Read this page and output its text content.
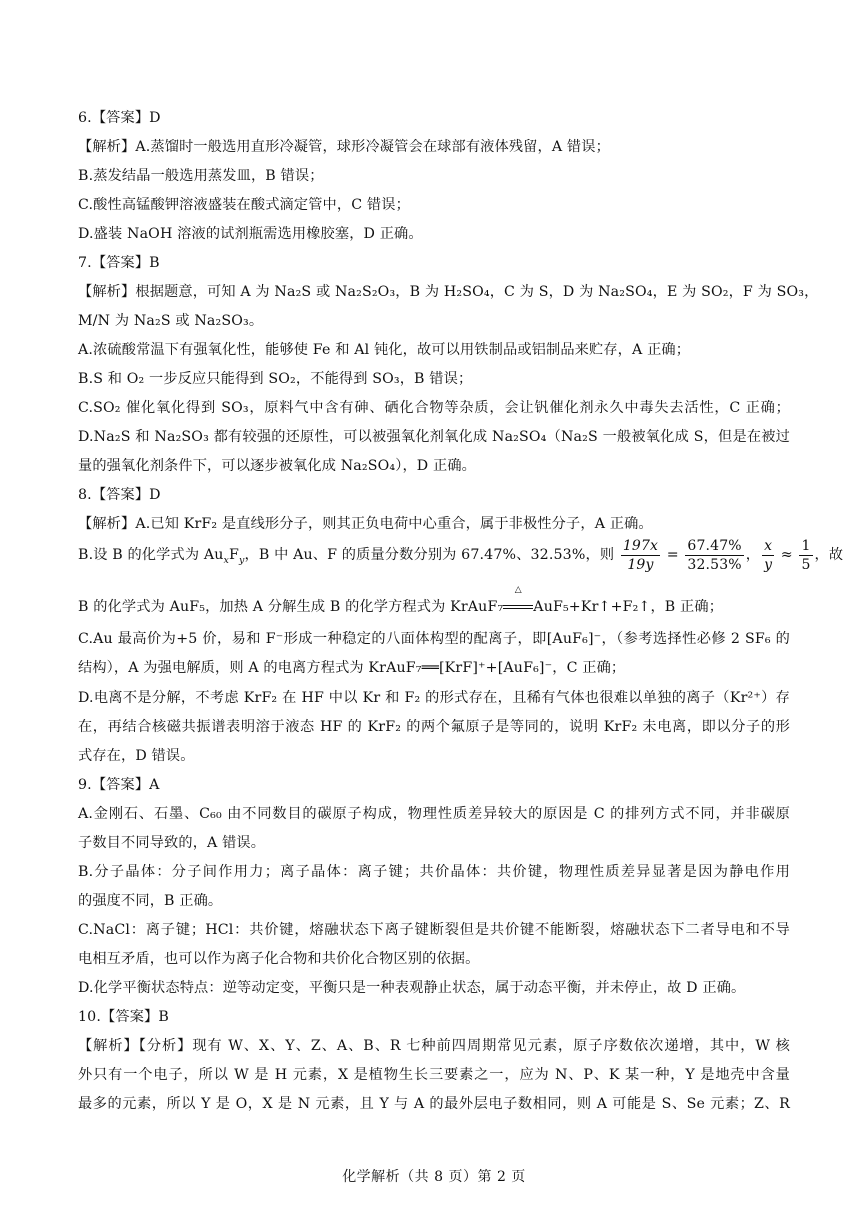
6.【答案】D
【解析】A.蒸馏时一般选用直形冷凝管，球形冷凝管会在球部有液体残留，A 错误；
B.蒸发结晶一般选用蒸发皿，B 错误；
C.酸性高锰酸钾溶液盛装在酸式滴定管中，C 错误；
D.盛装 NaOH 溶液的试剂瓶需选用橡胶塞，D 正确。
7.【答案】B
【解析】根据题意，可知 A 为 Na₂S 或 Na₂S₂O₃，B 为 H₂SO₄，C 为 S，D 为 Na₂SO₄，E 为 SO₂，F 为 SO₃，
M/N 为 Na₂S 或 Na₂SO₃。
A.浓硫酸常温下有强氧化性，能够使 Fe 和 Al 钝化，故可以用铁制品或铝制品来贮存，A 正确；
B.S 和 O₂ 一步反应只能得到 SO₂，不能得到 SO₃，B 错误；
C.SO₂ 催化氧化得到 SO₃，原料气中含有砷、硒化合物等杂质，会让钒催化剂永久中毒失去活性，C 正确；
D.Na₂S 和 Na₂SO₃ 都有较强的还原性，可以被强氧化剂氧化成 Na₂SO₄（Na₂S 一般被氧化成 S，但是在被过
量的强氧化剂条件下，可以逐步被氧化成 Na₂SO₄），D 正确。
8.【答案】D
【解析】A.已知 KrF₂ 是直线形分子，则其正负电荷中心重合，属于非极性分子，A 正确。
B.设 B 的化学式为 $Au_xF_y$，B 中 Au、F 的质量分数分别为 67.47%、32.53%，则 $\frac{197x}{19y} = \frac{67.47\%}{32.53\%}$ ， $\frac{x}{y} \approx \frac{1}{5}$ ，故
B 的化学式为 AuF₅，加热 A 分解生成 B 的化学方程式为 KrAuF₇
△
AuF₅+Kr↑+F₂↑，B 正确；
C.Au 最高价为+5 价，易和 F⁻形成一种稳定的八面体构型的配离子，即[AuF₆]⁻，（参考选择性必修 2 SF₆ 的
结构），A 为强电解质，则 A 的电离方程式为 KrAuF₇══[KrF]⁺+[AuF₆]⁻，C 正确；
D.电离不是分解，不考虑 KrF₂ 在 HF 中以 Kr 和 F₂ 的形式存在，且稀有气体也很难以单独的离子（Kr²⁺）存
在，再结合核磁共振谱表明溶于液态 HF 的 KrF₂ 的两个氟原子是等同的，说明 KrF₂ 未电离，即以分子的形
式存在，D 错误。
9.【答案】A
A.金刚石、石墨、C₆₀ 由不同数目的碳原子构成，物理性质差异较大的原因是 C 的排列方式不同，并非碳原
子数目不同导致的，A 错误。
B.分子晶体：分子间作用力；离子晶体：离子键；共价晶体：共价键，物理性质差异显著是因为静电作用
的强度不同，B 正确。
C.NaCl：离子键；HCl：共价键，熔融状态下离子键断裂但是共价键不能断裂，熔融状态下二者导电和不导
电相互矛盾，也可以作为离子化合物和共价化合物区别的依据。
D.化学平衡状态特点：逆等动定变，平衡只是一种表观静止状态，属于动态平衡，并未停止，故 D 正确。
10.【答案】B
【解析】【分析】现有 W、X、Y、Z、A、B、R 七种前四周期常见元素，原子序数依次递增，其中，W 核
外只有一个电子，所以 W 是 H 元素，X 是植物生长三要素之一，应为 N、P、K 某一种，Y 是地壳中含量
最多的元素，所以 Y 是 O，X 是 N 元素，且 Y 与 A 的最外层电子数相同，则 A 可能是 S、Se 元素；Z、R
化学解析（共 8 页）第 2 页
